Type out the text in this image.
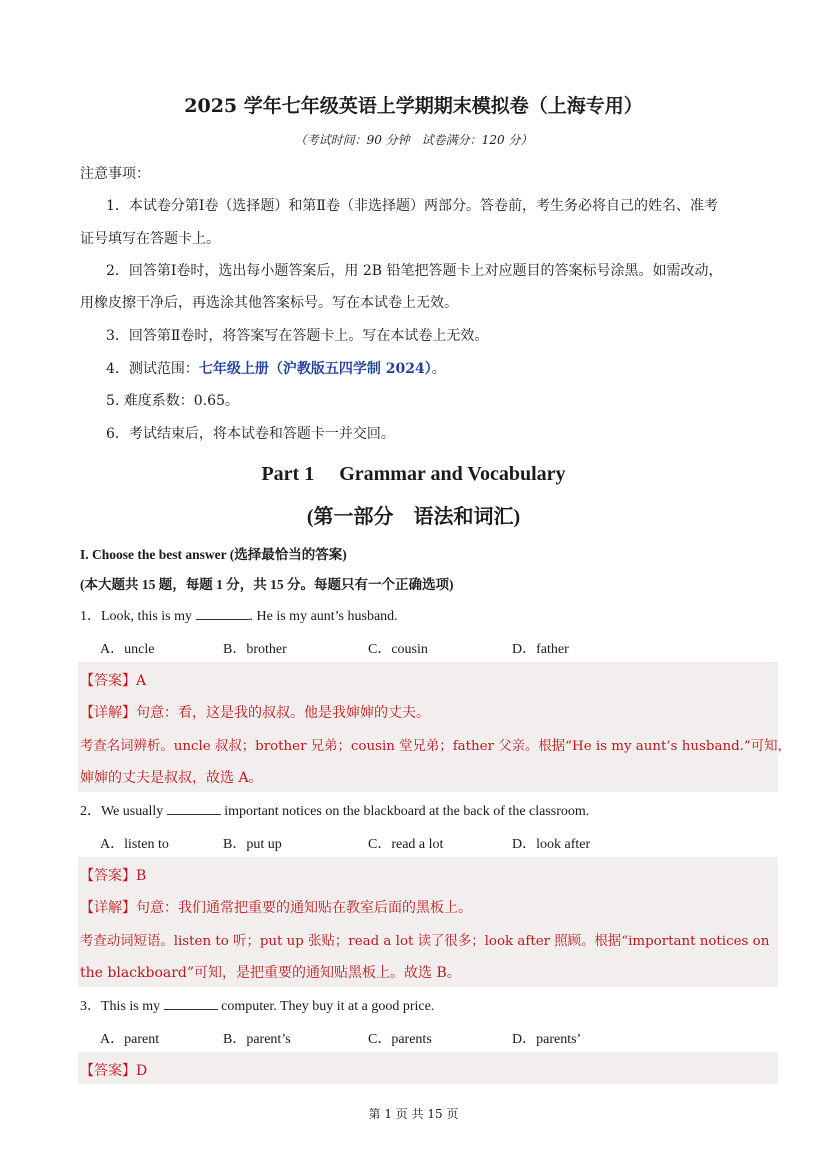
2025 学年七年级英语上学期期末模拟卷（上海专用）
（考试时间：90 分钟　试卷满分：120 分）
注意事项：
1．本试卷分第Ⅰ卷（选择题）和第Ⅱ卷（非选择题）两部分。答卷前，考生务必将自己的姓名、准考
证号填写在答题卡上。
2．回答第Ⅰ卷时，选出每小题答案后，用 2B 铅笔把答题卡上对应题目的答案标号涂黑。如需改动，
用橡皮擦干净后，再选涂其他答案标号。写在本试卷上无效。
3．回答第Ⅱ卷时，将答案写在答题卡上。写在本试卷上无效。
4．测试范围：七年级上册（沪教版五四学制 2024）。
5. 难度系数：0.65。
6．考试结束后，将本试卷和答题卡一并交回。
Part 1　 Grammar and Vocabulary
(第一部分　语法和词汇)
I. Choose the best answer (选择最恰当的答案)
(本大题共 15 题，每题 1 分，共 15 分。每题只有一个正确选项)
1．Look, this is my	. He is my aunt’s husband.
A．uncle	B．brother	C．cousin	D．father
【答案】A
【详解】句意：看，这是我的叔叔。他是我婶婶的丈夫。
考查名词辨析。uncle 叔叔；brother 兄弟；cousin 堂兄弟；father 父亲。根据“He is my aunt’s husband.”可知，
婶婶的丈夫是叔叔，故选 A。
2．We usually	important notices on the blackboard at the back of the classroom.
A．listen to	B．put up	C．read a lot	D．look after
【答案】B
【详解】句意：我们通常把重要的通知贴在教室后面的黑板上。
考查动词短语。listen to 听；put up 张贴；read a lot 读了很多；look after 照顾。根据“important notices on
the blackboard”可知，是把重要的通知贴黑板上。故选 B。
3．This is my	computer. They buy it at a good price.
A．parent	B．parent’s	C．parents	D．parents’
【答案】D
第 1 页 共 15 页
